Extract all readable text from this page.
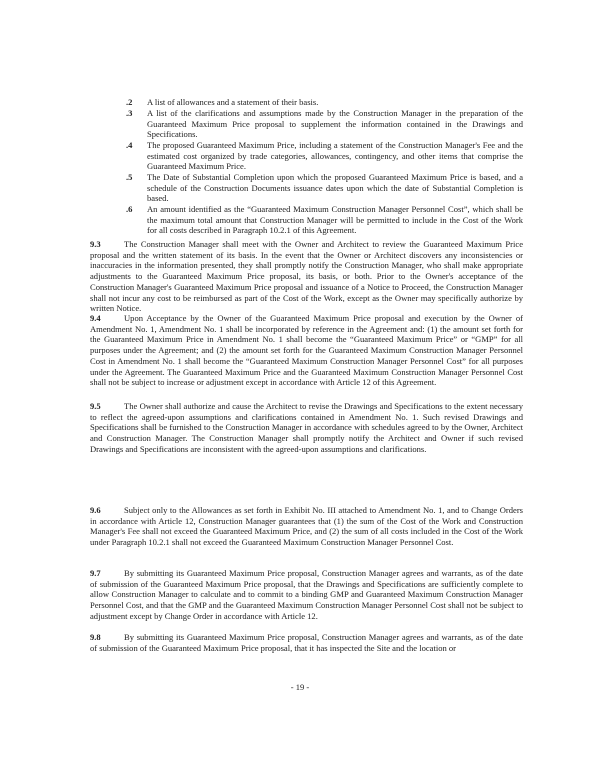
.2 A list of allowances and a statement of their basis.
.3 A list of the clarifications and assumptions made by the Construction Manager in the preparation of the Guaranteed Maximum Price proposal to supplement the information contained in the Drawings and Specifications.
.4 The proposed Guaranteed Maximum Price, including a statement of the Construction Manager's Fee and the estimated cost organized by trade categories, allowances, contingency, and other items that comprise the Guaranteed Maximum Price.
.5 The Date of Substantial Completion upon which the proposed Guaranteed Maximum Price is based, and a schedule of the Construction Documents issuance dates upon which the date of Substantial Completion is based.
.6 An amount identified as the “Guaranteed Maximum Construction Manager Personnel Cost”, which shall be the maximum total amount that Construction Manager will be permitted to include in the Cost of the Work for all costs described in Paragraph 10.2.1 of this Agreement.

9.3	The Construction Manager shall meet with the Owner and Architect to review the Guaranteed Maximum Price proposal and the written statement of its basis. In the event that the Owner or Architect discovers any inconsistencies or inaccuracies in the information presented, they shall promptly notify the Construction Manager, who shall make appropriate adjustments to the Guaranteed Maximum Price proposal, its basis, or both. Prior to the Owner's acceptance of the Construction Manager's Guaranteed Maximum Price proposal and issuance of a Notice to Proceed, the Construction Manager shall not incur any cost to be reimbursed as part of the Cost of the Work, except as the Owner may specifically authorize by written Notice.

9.4	Upon Acceptance by the Owner of the Guaranteed Maximum Price proposal and execution by the Owner of Amendment No. 1, Amendment No. 1 shall be incorporated by reference in the Agreement and: (1) the amount set forth for the Guaranteed Maximum Price in Amendment No. 1 shall become the “Guaranteed Maximum Price” or “GMP” for all purposes under the Agreement; and (2) the amount set forth for the Guaranteed Maximum Construction Manager Personnel Cost in Amendment No. 1 shall become the “Guaranteed Maximum Construction Manager Personnel Cost” for all purposes under the Agreement. The Guaranteed Maximum Price and the Guaranteed Maximum Construction Manager Personnel Cost shall not be subject to increase or adjustment except in accordance with Article 12 of this Agreement.

9.5	The Owner shall authorize and cause the Architect to revise the Drawings and Specifications to the extent necessary to reflect the agreed-upon assumptions and clarifications contained in Amendment No. 1. Such revised Drawings and Specifications shall be furnished to the Construction Manager in accordance with schedules agreed to by the Owner, Architect and Construction Manager. The Construction Manager shall promptly notify the Architect and Owner if such revised Drawings and Specifications are inconsistent with the agreed-upon assumptions and clarifications.

9.6	Subject only to the Allowances as set forth in Exhibit No. III attached to Amendment No. 1, and to Change Orders in accordance with Article 12, Construction Manager guarantees that (1) the sum of the Cost of the Work and Construction Manager's Fee shall not exceed the Guaranteed Maximum Price, and (2) the sum of all costs included in the Cost of the Work under Paragraph 10.2.1 shall not exceed the Guaranteed Maximum Construction Manager Personnel Cost.

9.7	By submitting its Guaranteed Maximum Price proposal, Construction Manager agrees and warrants, as of the date of submission of the Guaranteed Maximum Price proposal, that the Drawings and Specifications are sufficiently complete to allow Construction Manager to calculate and to commit to a binding GMP and Guaranteed Maximum Construction Manager Personnel Cost, and that the GMP and the Guaranteed Maximum Construction Manager Personnel Cost shall not be subject to adjustment except by Change Order in accordance with Article 12.

9.8	By submitting its Guaranteed Maximum Price proposal, Construction Manager agrees and warrants, as of the date of submission of the Guaranteed Maximum Price proposal, that it has inspected the Site and the location or

- 19 -
